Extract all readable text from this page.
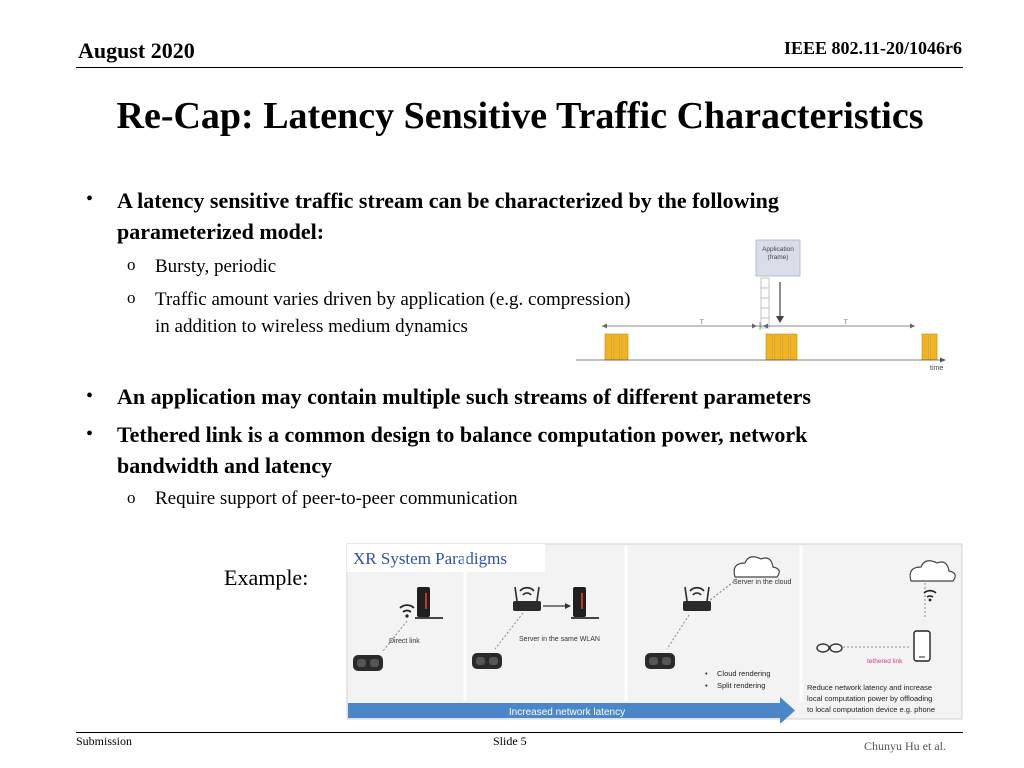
August 2020	IEEE 802.11-20/1046r6
Re-Cap: Latency Sensitive Traffic Characteristics
• A latency sensitive traffic stream can be characterized by the following
parameterized model:
o Bursty, periodic
o Traffic amount varies driven by application (e.g. compression)
in addition to wireless medium dynamics
Application
(frame)
T	T
time
• An application may contain multiple such streams of different parameters
• Tethered link is a common design to balance computation power, network
bandwidth and latency
o Require support of peer-to-peer communication
Example:
XR System Paradigms
Direct link	Server in the same WLAN
Server in the cloud
• Cloud rendering
• Split rendering
tethered link
Reduce network latency and increase
local computation power by offloading
to local computation device e.g. phone
Increased network latency
Submission	Slide 5	Chunyu Hu et al.
